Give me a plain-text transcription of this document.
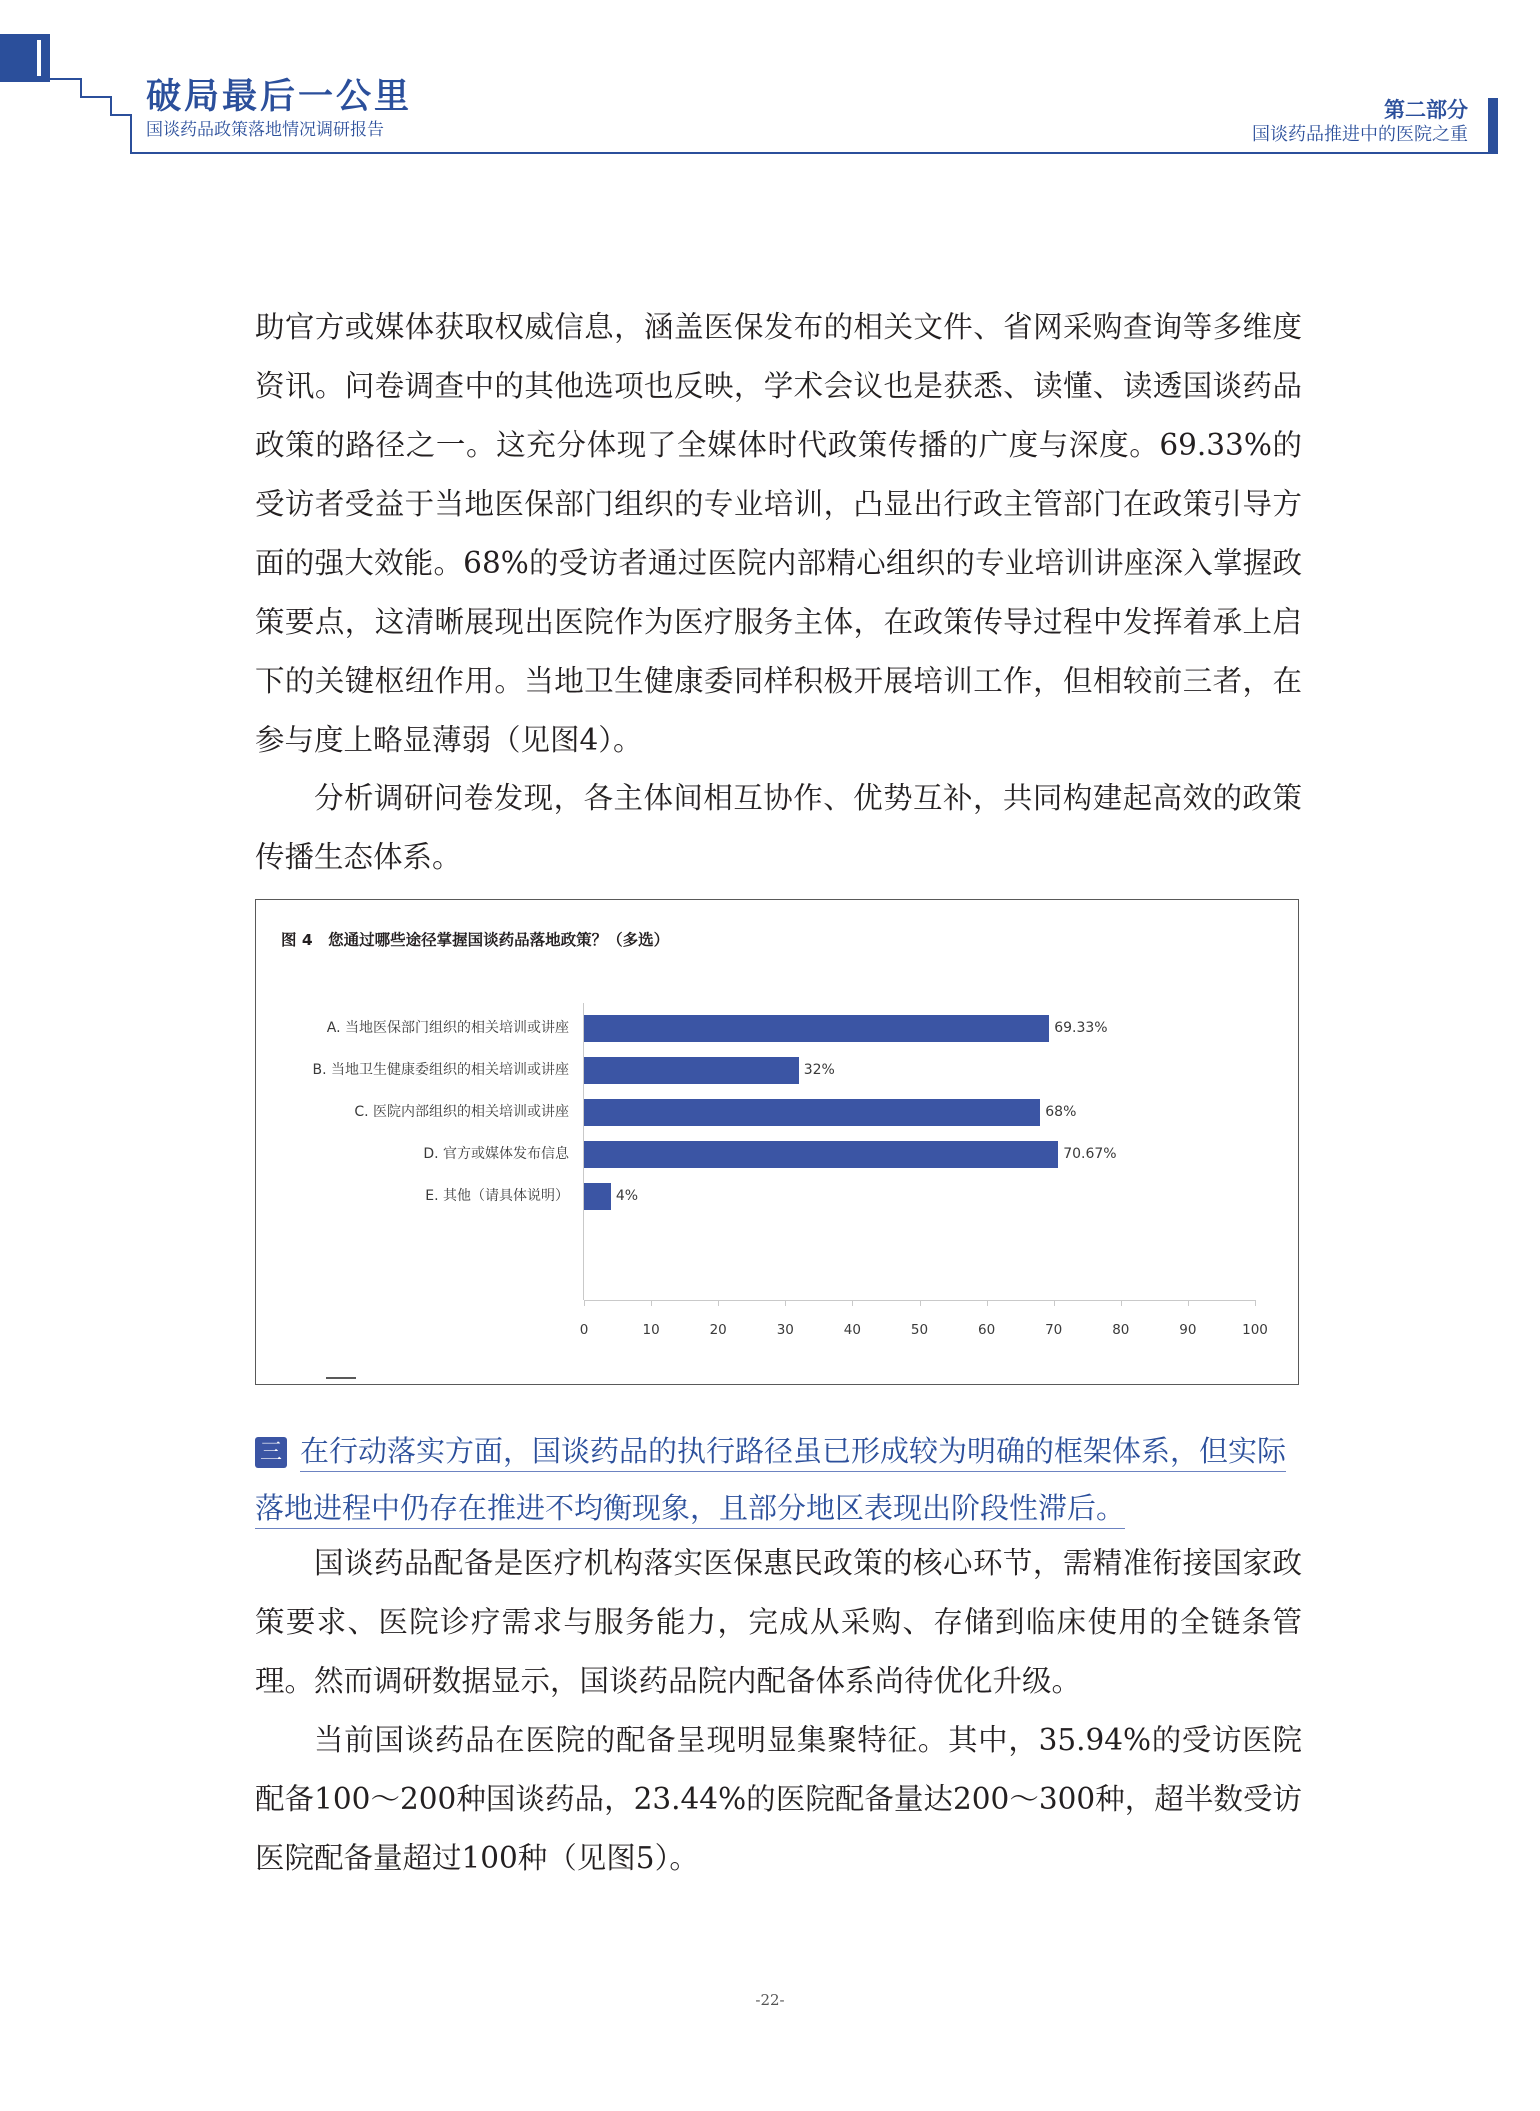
破局最后一公里
国谈药品政策落地情况调研报告
第二部分
国谈药品推进中的医院之重

助官方或媒体获取权威信息，涵盖医保发布的相关文件、省网采购查询等多维度资讯。问卷调查中的其他选项也反映，学术会议也是获悉、读懂、读透国谈药品政策的路径之一。这充分体现了全媒体时代政策传播的广度与深度。69.33%的受访者受益于当地医保部门组织的专业培训，凸显出行政主管部门在政策引导方面的强大效能。68%的受访者通过医院内部精心组织的专业培训讲座深入掌握政策要点，这清晰展现出医院作为医疗服务主体，在政策传导过程中发挥着承上启下的关键枢纽作用。当地卫生健康委同样积极开展培训工作，但相较前三者，在参与度上略显薄弱（见图4）。

分析调研问卷发现，各主体间相互协作、优势互补，共同构建起高效的政策传播生态体系。

图 4　您通过哪些途径掌握国谈药品落地政策？（多选）
A. 当地医保部门组织的相关培训或讲座	69.33%
B. 当地卫生健康委组织的相关培训或讲座	32%
C. 医院内部组织的相关培训或讲座	68%
D. 官方或媒体发布信息	70.67%
E. 其他（请具体说明）	4%
0	10	20	30	40	50	60	70	80	90	100
三 在行动落实方面，国谈药品的执行路径虽已形成较为明确的框架体系，但实际落地进程中仍存在推进不均衡现象，且部分地区表现出阶段性滞后。

国谈药品配备是医疗机构落实医保惠民政策的核心环节，需精准衔接国家政策要求、医院诊疗需求与服务能力，完成从采购、存储到临床使用的全链条管理。然而调研数据显示，国谈药品院内配备体系尚待优化升级。

当前国谈药品在医院的配备呈现明显集聚特征。其中，35.94%的受访医院配备100～200种国谈药品，23.44%的医院配备量达200～300种，超半数受访医院配备量超过100种（见图5）。

-22-
